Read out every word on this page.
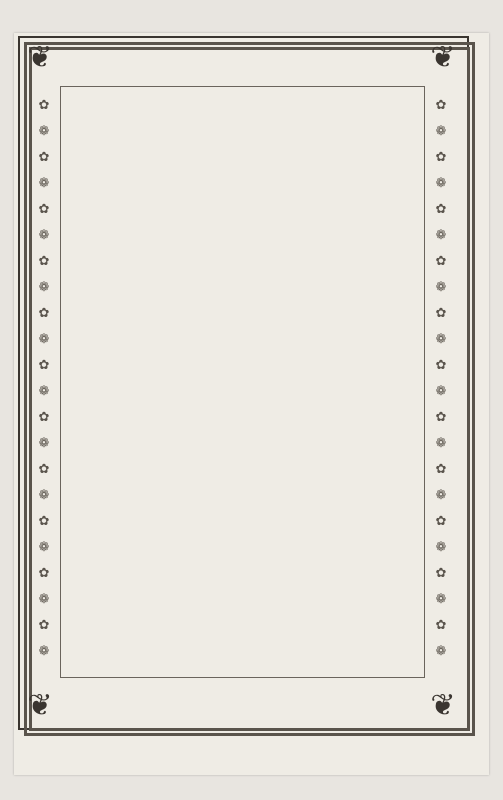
❦	❦
❦	❦
✿
❁
✿
❁
✿
❁
✿
❁
✿
❁
✿
❁
✿
❁
✿
❁
✿
❁
✿
❁
✿
❁
✿
❁
✿
❁
✿
❁
✿
❁
✿
❁
✿
❁
✿
❁
✿
❁
✿
❁
✿
❁
✿
❁
